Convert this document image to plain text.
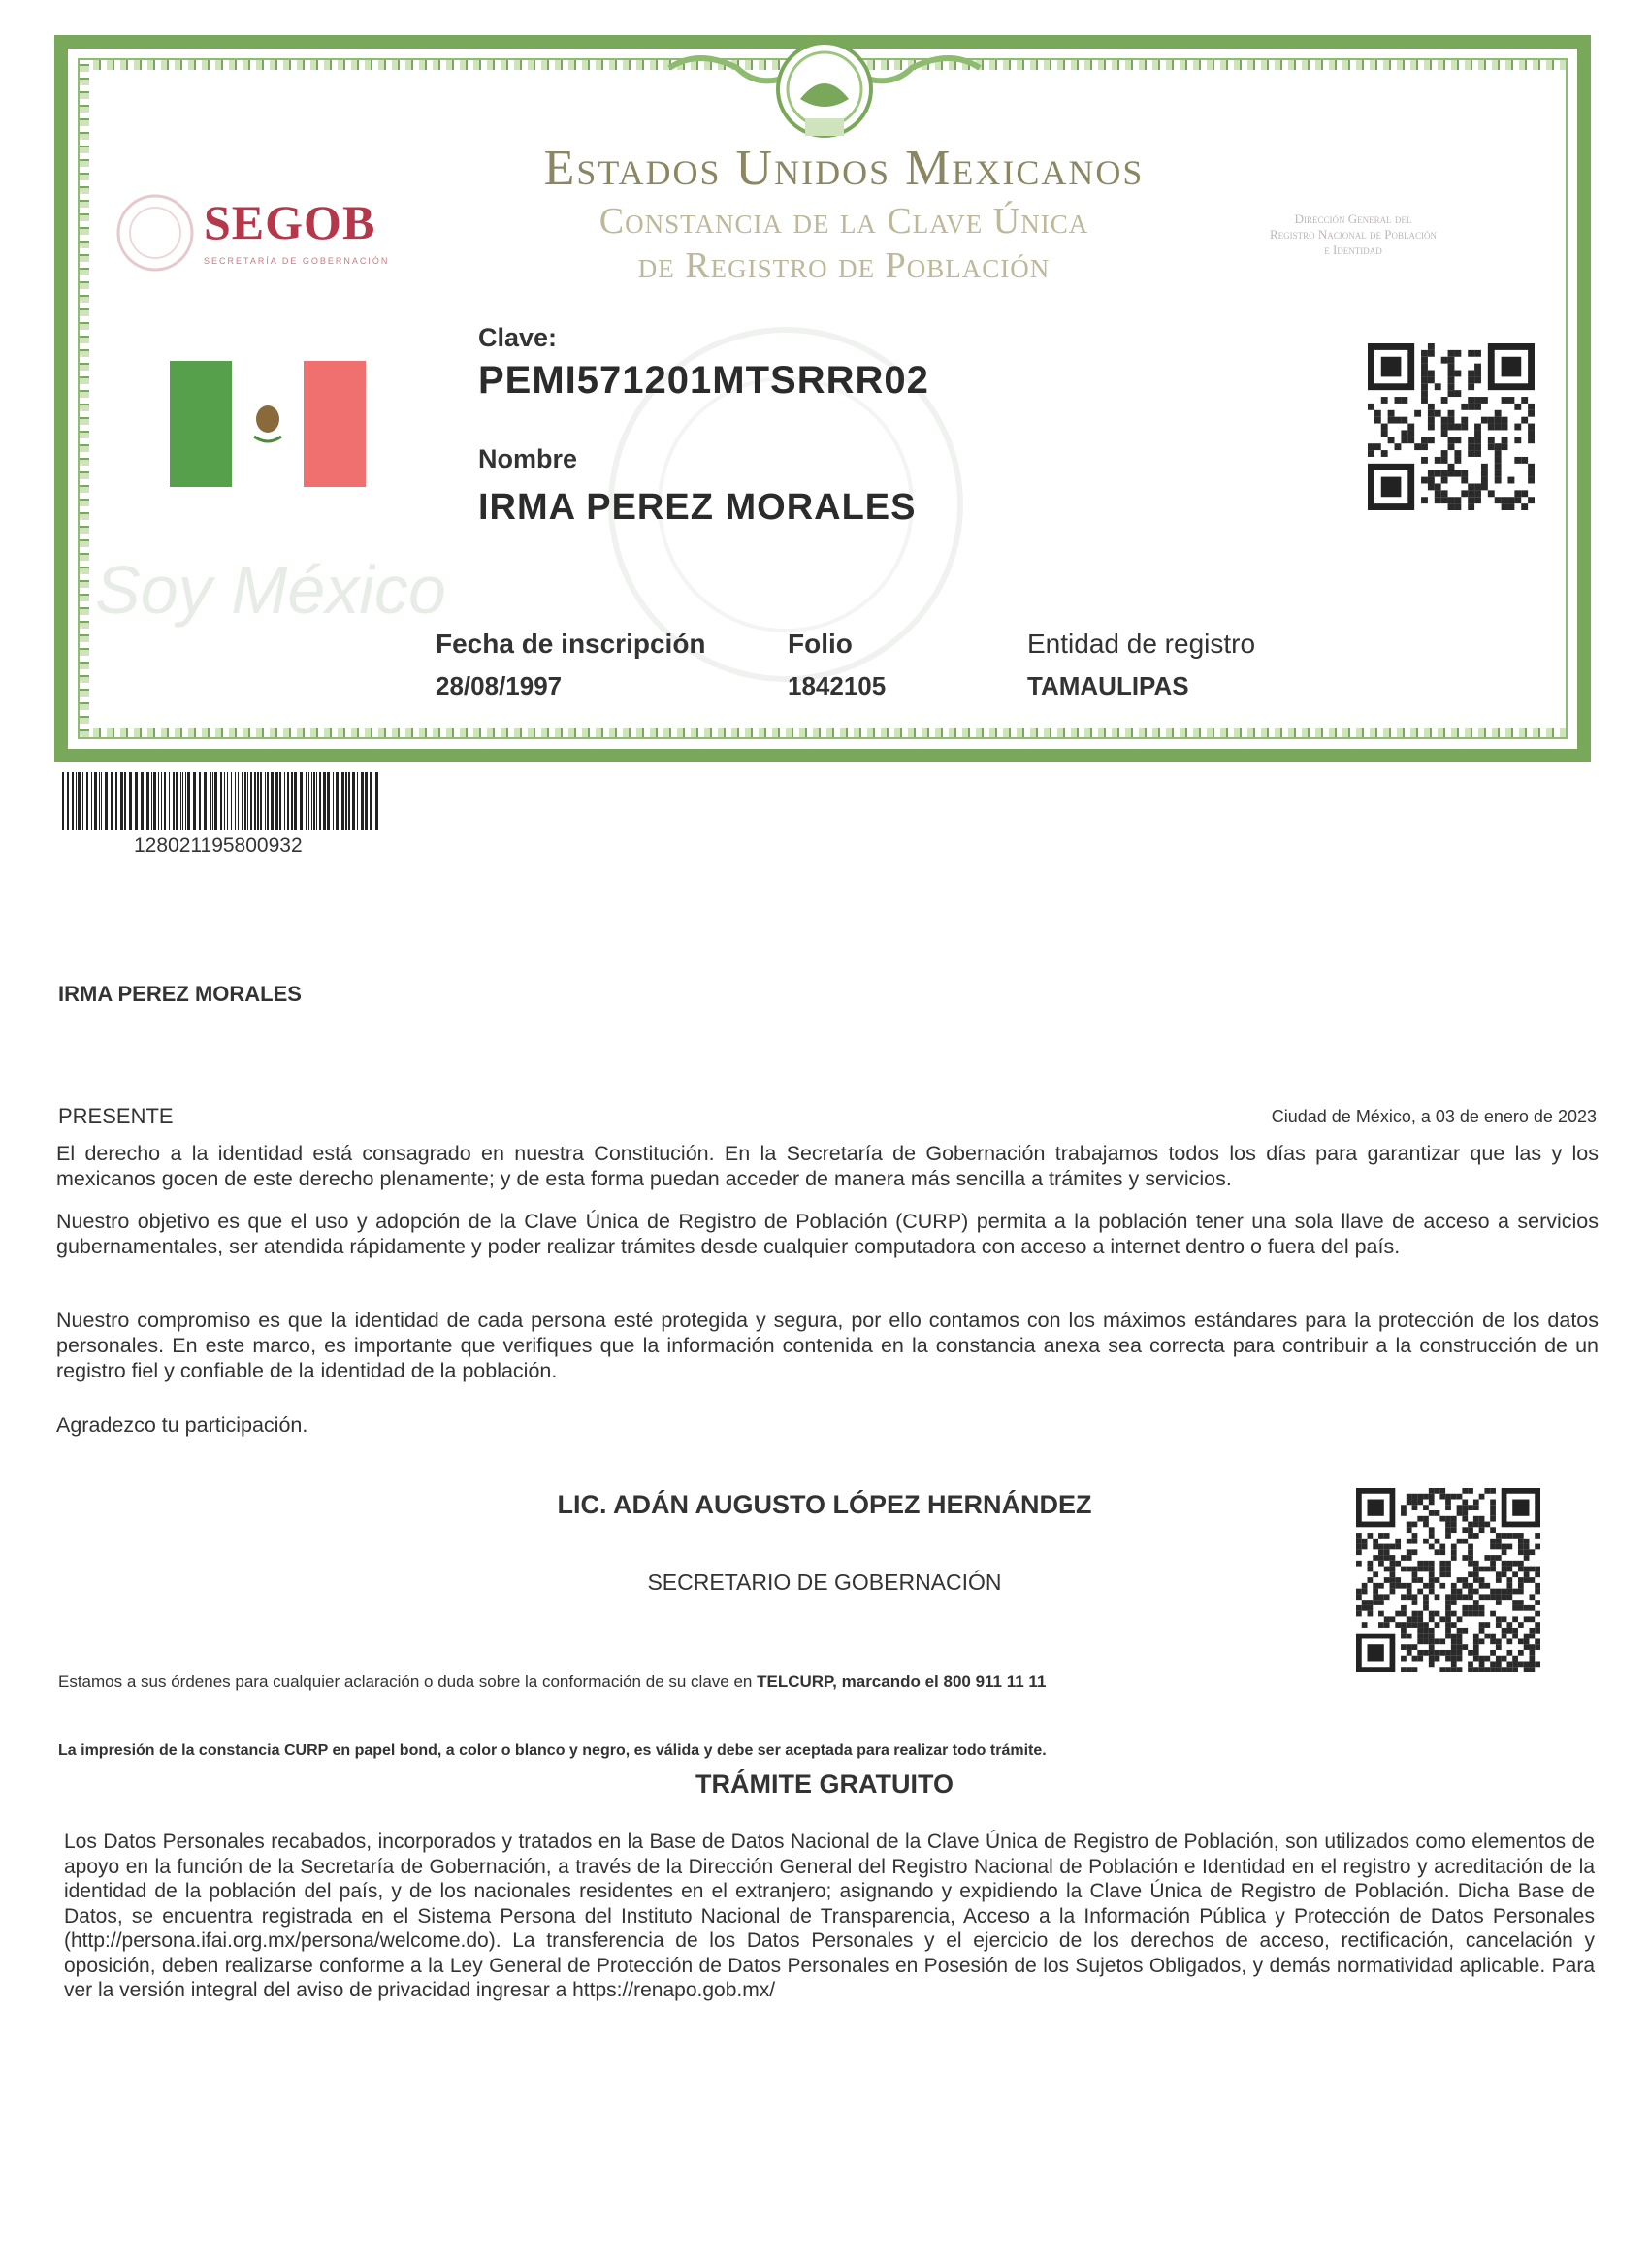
SEGOB
SECRETARÍA DE GOBERNACIÓN
Estados Unidos Mexicanos
Constancia de la Clave Única
de Registro de Población
Dirección General del
Registro Nacional de Población
e Identidad
Soy México
Clave:
PEMI571201MTSRRR02
Nombre
IRMA PEREZ MORALES
Fecha de inscripción
28/08/1997
Folio
1842105
Entidad de registro
TAMAULIPAS
128021195800932
IRMA PEREZ MORALES
PRESENTE	Ciudad de México, a 03 de enero de 2023
El derecho a la identidad está consagrado en nuestra Constitución. En la Secretaría de Gobernación trabajamos todos los días para garantizar que las y los mexicanos gocen de este derecho plenamente; y de esta forma puedan acceder de manera más sencilla a trámites y servicios.
Nuestro objetivo es que el uso y adopción de la Clave Única de Registro de Población (CURP) permita a la población tener una sola llave de acceso a servicios gubernamentales, ser atendida rápidamente y poder realizar trámites desde cualquier computadora con acceso a internet dentro o fuera del país.
Nuestro compromiso es que la identidad de cada persona esté protegida y segura, por ello contamos con los máximos estándares para la protección de los datos personales. En este marco, es importante que verifiques que la información contenida en la constancia anexa sea correcta para contribuir a la construcción de un registro fiel y confiable de la identidad de la población.
Agradezco tu participación.
LIC. ADÁN AUGUSTO LÓPEZ HERNÁNDEZ
SECRETARIO DE GOBERNACIÓN
Estamos a sus órdenes para cualquier aclaración o duda sobre la conformación de su clave en TELCURP, marcando el 800 911 11 11
La impresión de la constancia CURP en papel bond, a color o blanco y negro, es válida y debe ser aceptada para realizar todo trámite.
TRÁMITE GRATUITO
Los Datos Personales recabados, incorporados y tratados en la Base de Datos Nacional de la Clave Única de Registro de Población, son utilizados como elementos de apoyo en la función de la Secretaría de Gobernación, a través de la Dirección General del Registro Nacional de Población e Identidad en el registro y acreditación de la identidad de la población del país, y de los nacionales residentes en el extranjero; asignando y expidiendo la Clave Única de Registro de Población. Dicha Base de Datos, se encuentra registrada en el Sistema Persona del Instituto Nacional de Transparencia, Acceso a la Información Pública y Protección de Datos Personales (http://persona.ifai.org.mx/persona/welcome.do). La transferencia de los Datos Personales y el ejercicio de los derechos de acceso, rectificación, cancelación y oposición, deben realizarse conforme a la Ley General de Protección de Datos Personales en Posesión de los Sujetos Obligados, y demás normatividad aplicable. Para ver la versión integral del aviso de privacidad ingresar a https://renapo.gob.mx/
